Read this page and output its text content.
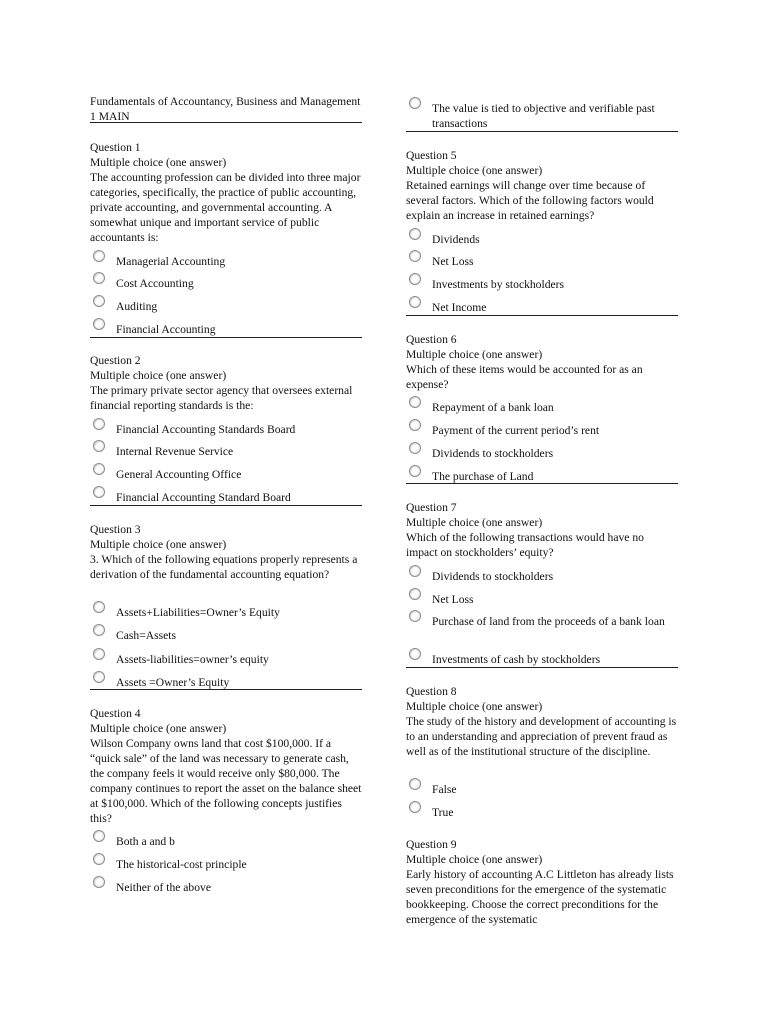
Fundamentals of Accountancy, Business and Management 1 MAIN
Question 1
Multiple choice (one answer)
The accounting profession can be divided into three major categories, specifically, the practice of public accounting, private accounting, and governmental accounting. A somewhat unique and important service of public accountants is:
Managerial Accounting
Cost Accounting
Auditing
Financial Accounting
Question 2
Multiple choice (one answer)
The primary private sector agency that oversees external financial reporting standards is the:
Financial Accounting Standards Board
Internal Revenue Service
General Accounting Office
Financial Accounting Standard Board
Question 3
Multiple choice (one answer)
3. Which of the following equations properly represents a derivation of the fundamental accounting equation?
Assets+Liabilities=Owner’s Equity
Cash=Assets
Assets-liabilities=owner’s equity
Assets =Owner’s Equity
Question 4
Multiple choice (one answer)
Wilson Company owns land that cost $100,000. If a “quick sale” of the land was necessary to generate cash, the company feels it would receive only $80,000. The company continues to report the asset on the balance sheet at $100,000. Which of the following concepts justifies this?
Both a and b
The historical-cost principle
Neither of the above
The value is tied to objective and verifiable past transactions
Question 5
Multiple choice (one answer)
Retained earnings will change over time because of several factors. Which of the following factors would explain an increase in retained earnings?
Dividends
Net Loss
Investments by stockholders
Net Income
Question 6
Multiple choice (one answer)
Which of these items would be accounted for as an expense?
Repayment of a bank loan
Payment of the current period’s rent
Dividends to stockholders
The purchase of Land
Question 7
Multiple choice (one answer)
Which of the following transactions would have no impact on stockholders’ equity?
Dividends to stockholders
Net Loss
Purchase of land from the proceeds of a bank loan
Investments of cash by stockholders
Question 8
Multiple choice (one answer)
The study of the history and development of accounting is to an understanding and appreciation of prevent fraud as well as of the institutional structure of the discipline.
False
True
Question 9
Multiple choice (one answer)
Early history of accounting A.C Littleton has already lists seven preconditions for the emergence of the systematic bookkeeping. Choose the correct preconditions for the emergence of the systematic
